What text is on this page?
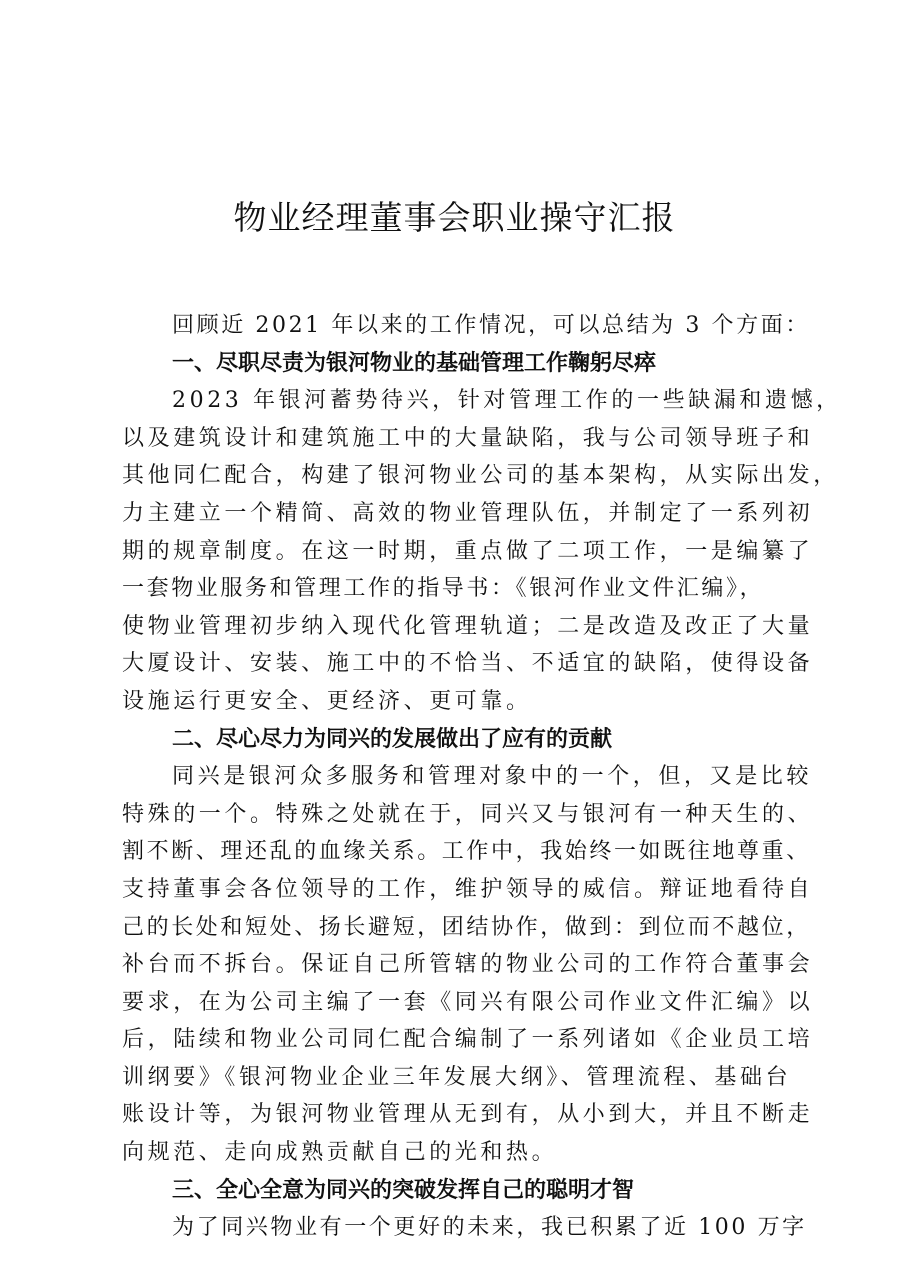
物业经理董事会职业操守汇报
回顾近 2021 年以来的工作情况，可以总结为 3 个方面：
一、尽职尽责为银河物业的基础管理工作鞠躬尽瘁
2023 年银河蓄势待兴，针对管理工作的一些缺漏和遗憾，
以及建筑设计和建筑施工中的大量缺陷，我与公司领导班子和
其他同仁配合，构建了银河物业公司的基本架构，从实际出发，
力主建立一个精简、高效的物业管理队伍，并制定了一系列初
期的规章制度。在这一时期，重点做了二项工作，一是编纂了
一套物业服务和管理工作的指导书：《银河作业文件汇编》，
使物业管理初步纳入现代化管理轨道；二是改造及改正了大量
大厦设计、安装、施工中的不恰当、不适宜的缺陷，使得设备
设施运行更安全、更经济、更可靠。
二、尽心尽力为同兴的发展做出了应有的贡献
同兴是银河众多服务和管理对象中的一个，但，又是比较
特殊的一个。特殊之处就在于，同兴又与银河有一种天生的、
割不断、理还乱的血缘关系。工作中，我始终一如既往地尊重、
支持董事会各位领导的工作，维护领导的威信。辩证地看待自
己的长处和短处、扬长避短，团结协作，做到：到位而不越位，
补台而不拆台。保证自己所管辖的物业公司的工作符合董事会
要求，在为公司主编了一套《同兴有限公司作业文件汇编》以
后，陆续和物业公司同仁配合编制了一系列诸如《企业员工培
训纲要》《银河物业企业三年发展大纲》、管理流程、基础台
账设计等，为银河物业管理从无到有，从小到大，并且不断走
向规范、走向成熟贡献自己的光和热。
三、全心全意为同兴的突破发挥自己的聪明才智
为了同兴物业有一个更好的未来，我已积累了近 100 万字
